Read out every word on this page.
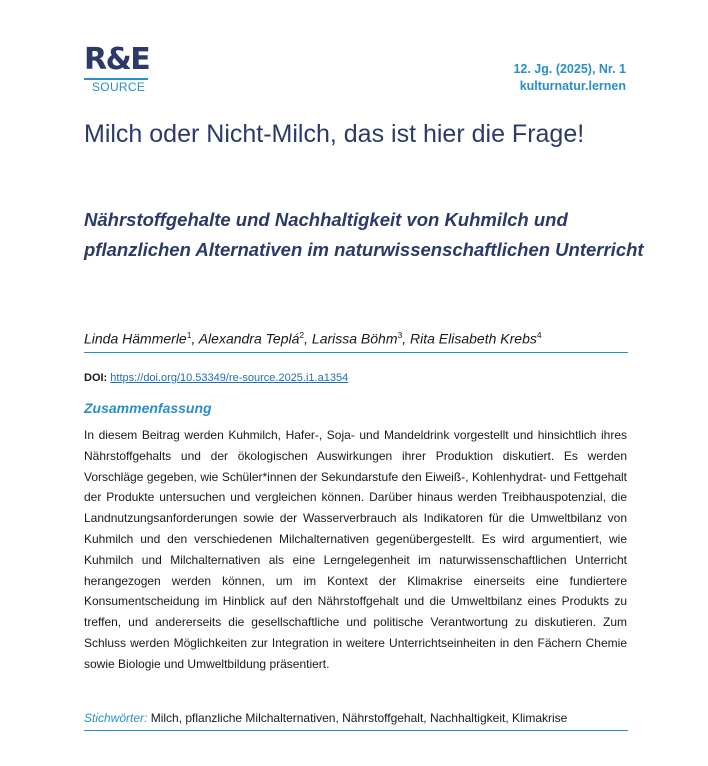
R&E
SOURCE
12. Jg. (2025), Nr. 1
kulturnatur.lernen
Milch oder Nicht-Milch, das ist hier die Frage!
Nährstoffgehalte und Nachhaltigkeit von Kuhmilch und pflanzlichen Alternativen im naturwissenschaftlichen Unterricht
Linda Hämmerle$^1$, Alexandra Teplá$^2$, Larissa Böhm$^3$, Rita Elisabeth Krebs$^4$
DOI: https://doi.org/10.53349/re-source.2025.i1.a1354
Zusammenfassung

In diesem Beitrag werden Kuhmilch, Hafer-, Soja- und Mandeldrink vorgestellt und hinsichtlich ihres Nährstoffgehalts und der ökologischen Auswirkungen ihrer Produktion diskutiert. Es werden Vorschläge gegeben, wie Schüler*innen der Sekundarstufe den Eiweiß-, Kohlenhydrat- und Fettgehalt der Produkte untersuchen und vergleichen können. Darüber hinaus werden Treibhauspotenzial, die Landnutzungsanforderungen sowie der Wasserverbrauch als Indikatoren für die Umweltbilanz von Kuhmilch und den verschiedenen Milchalternativen gegenübergestellt. Es wird argumentiert, wie Kuhmilch und Milchalternativen als eine Lerngelegenheit im naturwissenschaftlichen Unterricht herangezogen werden können, um im Kontext der Klimakrise einerseits eine fundiertere Konsumentscheidung im Hinblick auf den Nährstoffgehalt und die Umweltbilanz eines Produkts zu treffen, und andererseits die gesellschaftliche und politische Verantwortung zu diskutieren. Zum Schluss werden Möglichkeiten zur Integration in weitere Unterrichtseinheiten in den Fächern Chemie sowie Biologie und Umweltbildung präsentiert.

Stichwörter: Milch, pflanzliche Milchalternativen, Nährstoffgehalt, Nachhaltigkeit, Klimakrise
